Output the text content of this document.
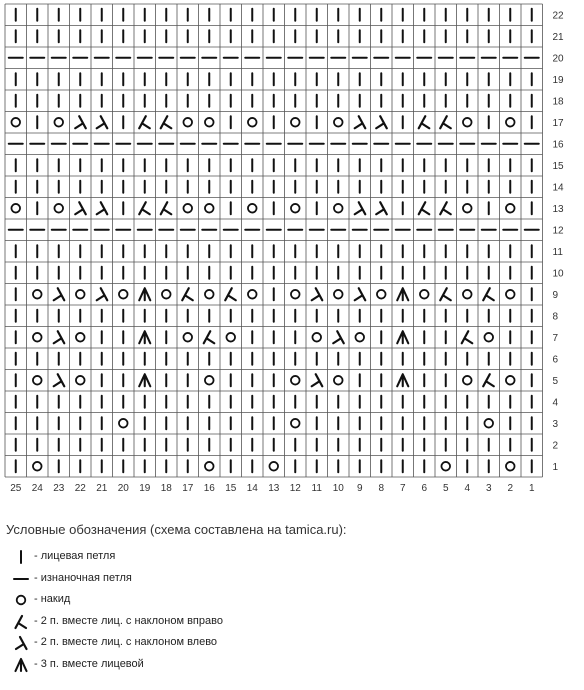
1
2
3
4
5
6
7
8
9
10
11
12
13
14
15
16
17
18
19
20
21
22
1
2
3
4
5
6
7
8
9
10
11
12
13
14
15
16
17
18
19
20
21
22
23
24
25
Условные обозначения (схема составлена на tamica.ru):
- лицевая петля
- изнаночная петля
- накид
- 2 п. вместе лиц. с наклоном вправо
- 2 п. вместе лиц. с наклоном влево
- 3 п. вместе лицевой
